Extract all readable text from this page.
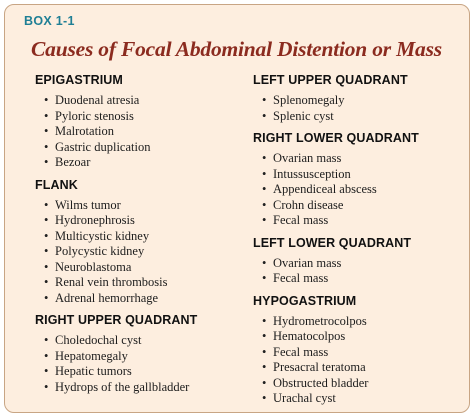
BOX 1-1
Causes of Focal Abdominal Distention or Mass
EPIGASTRIUM
• Duodenal atresia
• Pyloric stenosis
• Malrotation
• Gastric duplication
• Bezoar
FLANK
• Wilms tumor
• Hydronephrosis
• Multicystic kidney
• Polycystic kidney
• Neuroblastoma
• Renal vein thrombosis
• Adrenal hemorrhage
RIGHT UPPER QUADRANT
• Choledochal cyst
• Hepatomegaly
• Hepatic tumors
• Hydrops of the gallbladder
LEFT UPPER QUADRANT
• Splenomegaly
• Splenic cyst
RIGHT LOWER QUADRANT
• Ovarian mass
• Intussusception
• Appendiceal abscess
• Crohn disease
• Fecal mass
LEFT LOWER QUADRANT
• Ovarian mass
• Fecal mass
HYPOGASTRIUM
• Hydrometrocolpos
• Hematocolpos
• Fecal mass
• Presacral teratoma
• Obstructed bladder
• Urachal cyst
